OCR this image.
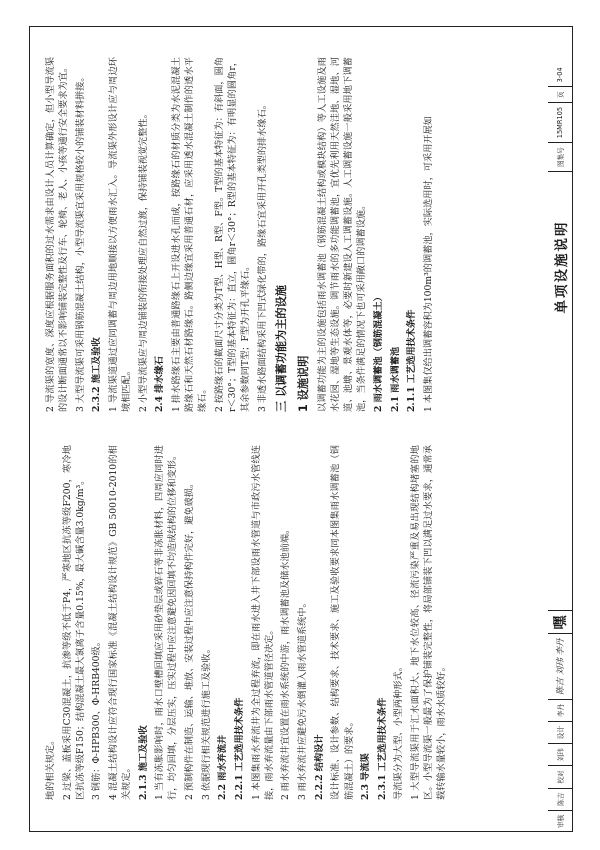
地的相关规定。 2 过梁、盖板采用C30混凝土，抗渗等级不低于P4，严寒地区抗冻等级F200，寒冷地区抗冻等级F150；结构混凝土最大氯离子含量0.15%，最大碱含量3.0kg/m³。 3 钢筋：Φ-HPB300、Φ-HRB400级。 4 混凝土结构设计应符合现行国家标准《混凝土结构设计规范》GB 50010-2010的相关规定。 2.1.3 施工及验收 1 当有冻胀影响时，雨水口壁槽回填应采用砂垫层或碎石等非冻胀材料，四周应同时进行，均匀回填，分层压实，压实过程中应注意避免因回填不均造成结构的位移和变形。 2 预制构件在制造、运输、堆放、安装过程中应注意保持构件完好，避免破损。 3 依据现行相关规范进行施工及验收。 2.2 雨水弃流井 2.2.1 工艺选用技术条件 1 本图集雨水弃流井为全过程弃流，即在雨水进入井下部设雨水管道与市政污水管线连接，雨水弃流量由下部雨水管道管径决定。 2 雨水弃流井宜设置在雨水系统的中游，雨水调蓄池及储水池前端。 3 雨水弃流井应避免污水倒灌入雨水管道系统中。 2.2.2 结构设计 设计标准、设计参数、结构要求、技术要求、施工及验收要求同本图集雨水调蓄池（钢筋混凝土）的要求。 2.3 导流渠 2.3.1 工艺选用技术条件 导流渠分为大型、小型两种形式。 1 大型导流渠用于汇水面积大、地下水位较高、径流污染严重及易出现结构堵塞的地区。小型导流渠一般最为了保护铺装完整性，将局部铺装下凹以满足过水要求，通常承载转输水量较小，雨水水质较好。

2 导流渠的宽度、深度应根据服务面积的过水需求由设计人员计算确定，但小型导流渠的设计断面通常以不影响铺装完整性及行车、轮椅、老人、小孩等通行安全要求为宜。 3 大型导流渠可采用钢筋混凝土结构，小型导流渠宜采用规格较小的铺装材料拼接。 2.3.2 施工及验收 1 导流渠道通过应同调蓄与周边用地顺接以方便雨水汇入。导流渠外形设计应与周边环境相匹配。 2 小型导流渠应与周边铺装的衔接处理应自然过渡，保持铺装视觉完整性。 2.4 排水缘石 1 排水路缘石主要由普通路缘石上开设进水孔而成，按路缘石的材质分类为水泥混凝土路缘石和天然石材路缘石。路侧边缘宜采用普通石材，应采用透水混凝土制作的透水平缘石。 2 按路缘石的截面尺寸分类为T型、H型、R型、F型。T型的基本特征为：有斜面，圆角r＜30°；T型的基本特征为：直立，圆角r＜30°；R型的基本特征为：有明显的圆角r，其余参数同T型；F型为开孔平缘石。 3 非透水路面结构采用下凹式绿化带的，路缘石宜采用开孔类型的排水缘石。 三 以调蓄功能为主的设施 1 设施说明 以调蓄功能为主的设施包括雨水调蓄池（钢筋混凝土结构或模块结构）等人工设施及雨水花园、湿地等生态设施。调节雨水的多功能调蓄池，宜优先利用天然洼地、湿地、河道、池塘、景观水体等，必要时新建设人工调蓄设施。人工调蓄设施一般采用地下调蓄池，当条件满足的情况下也可采用敞口的调蓄设施。 2 雨水调蓄池（钢筋混凝土） 2.1 雨水调蓄池 2.1.1 工艺选用技术条件 1 本图集仅给出调蓄容积为100m³的调蓄池，实际选用时，可采用开展如

审核
陈吉
校对
刘玮
设计
李丹
陈吉 刘玮 李丹
嘿
单项设施说明
图集号
15MR105
页
3-04
